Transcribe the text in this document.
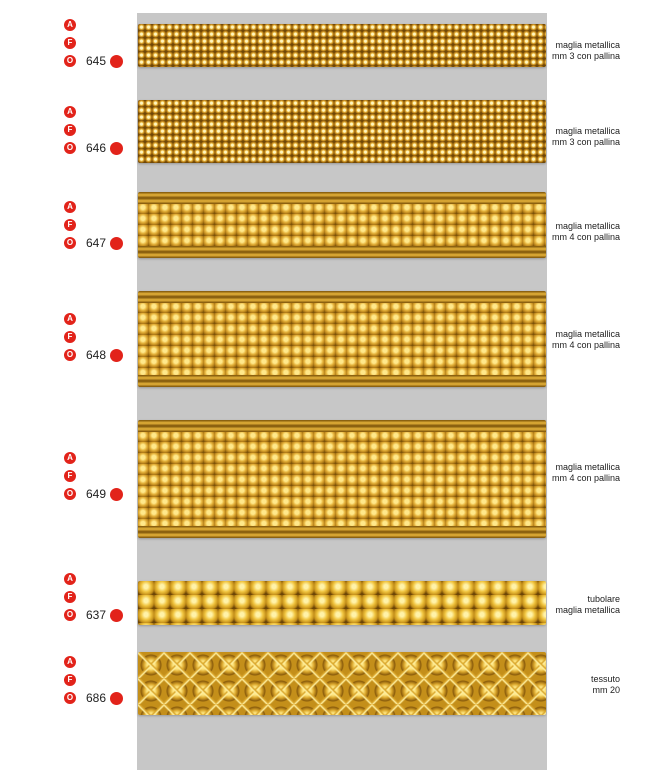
A
F
O 645
maglia metallica
mm 3 con pallina
A
F
O 646
maglia metallica
mm 3 con pallina
A
F
O 647
maglia metallica
mm 4 con pallina
A
F
O 648
maglia metallica
mm 4 con pallina
A
F
O 649
maglia metallica
mm 4 con pallina
A
F
O 637
tubolare
maglia metallica
A
F
O 686
tessuto
mm 20
